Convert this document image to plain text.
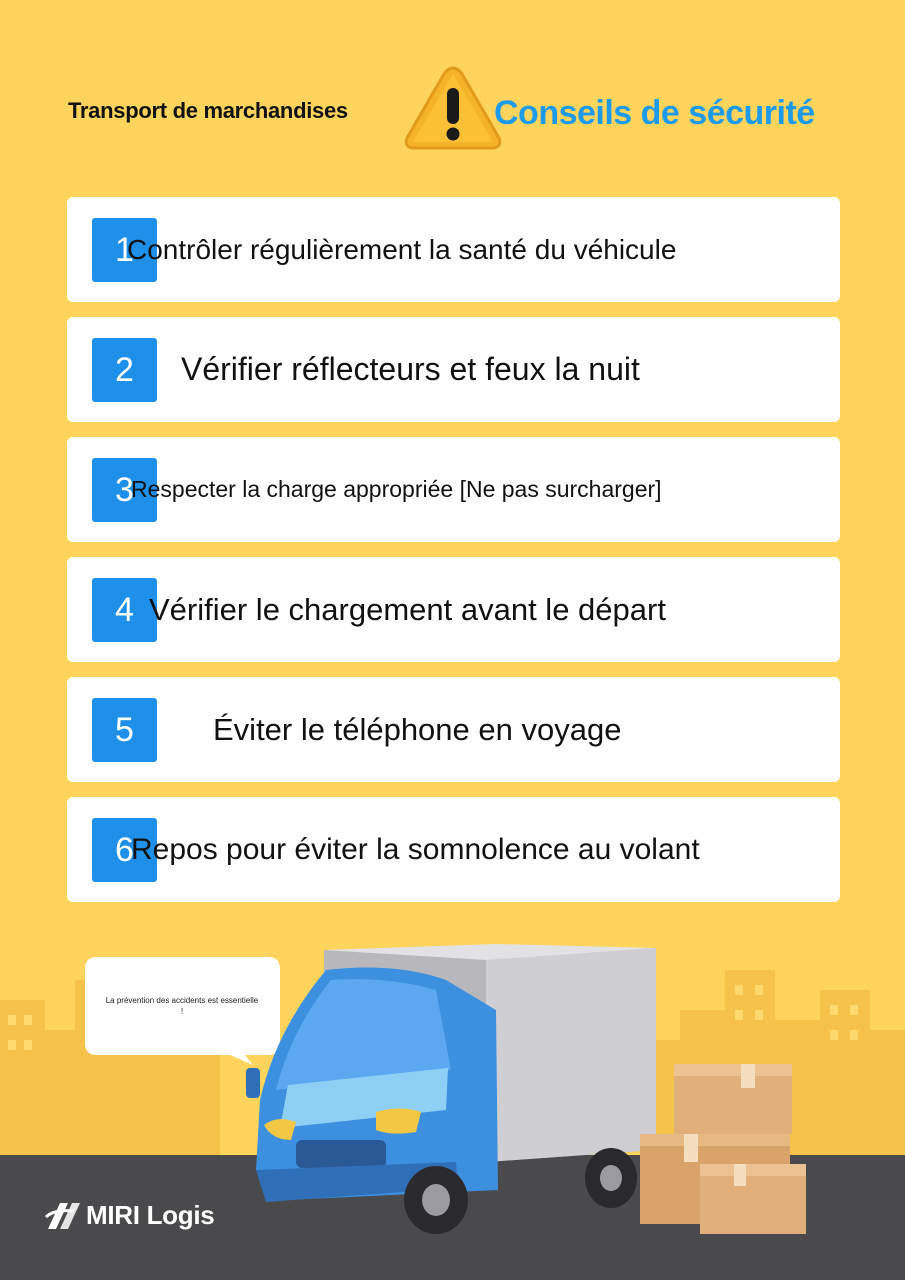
Transport de marchandises	Conseils de sécurité
1
Contrôler régulièrement la santé du véhicule
2	Vérifier réflecteurs et feux la nuit
3
Respecter la charge appropriée [Ne pas surcharger]
4 Vérifier le chargement avant le départ
5	Éviter le téléphone en voyage
6
Repos pour éviter la somnolence au volant
MIRI Logis
La prévention des accidents est essentielle
!
